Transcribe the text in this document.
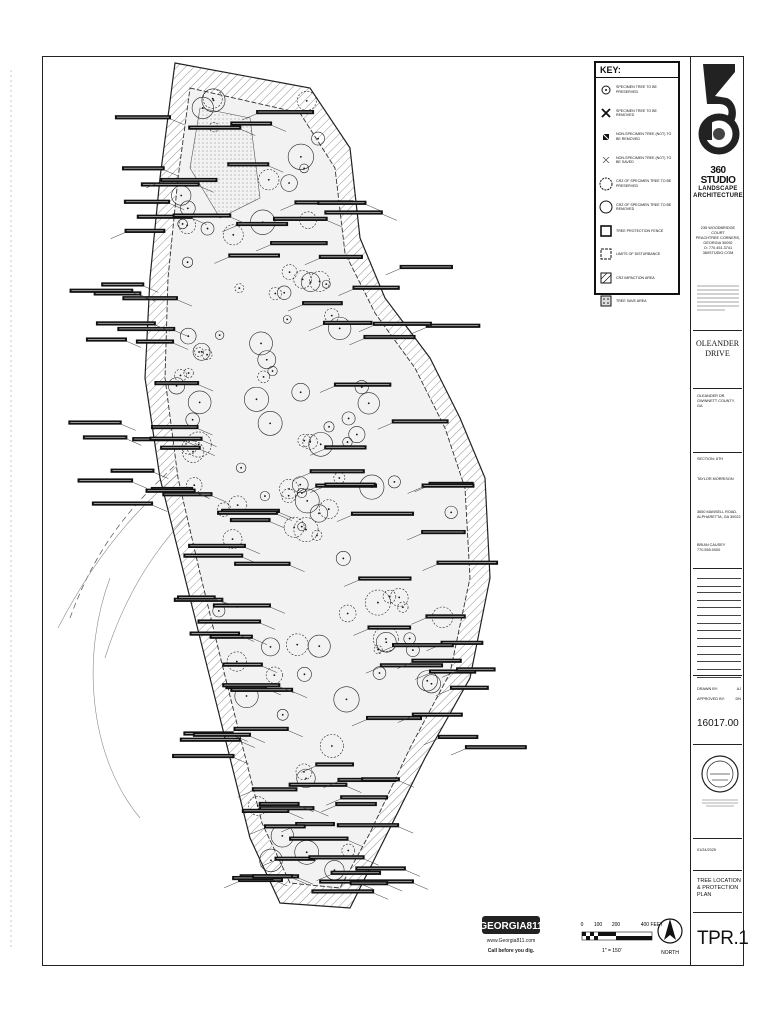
KEY:
SPECIMEN TREE TO BE PRESERVED
SPECIMEN TREE TO BE REMOVED
NON-SPECIMEN TREE (NOT) TO BE REMOVED
NON-SPECIMEN TREE (NOT) TO BE SAVED
CRZ OF SPECIMEN TREE TO BE PRESERVED
CRZ OF SPECIMEN TREE TO BE REMOVED
TREE PROTECTION FENCE
LIMITS OF DISTURBANCE
CRZ IMPACTION AREA
TREE SAVE AREA
360 STUDIO
LANDSCAPE
ARCHITECTURE
235 WOODBRIDGE COURT
PEACHTREE CORNERS,
GEORGIA 30092
O: 770.451.3741
360STUDIO.COM
OLEANDER
DRIVE
OLEANDER DR. GWINNETT COUNTY, GA
SECTION: 6TH
TAYLOR MORRISON
3650 MANSELL ROAD, ALPHARETTA, GA 30022
BRIAN CAUSEY 770.555.0000
DRAWN BY:	AJ
APPROVED BY:	DN
16017.00
01/24/2025
TREE LOCATION & PROTECTION PLAN
TPR.1
GEORGIA811
www.Georgia811.com
Call before you dig.
0 100 200	400 FEET
1" = 150'	NORTH
